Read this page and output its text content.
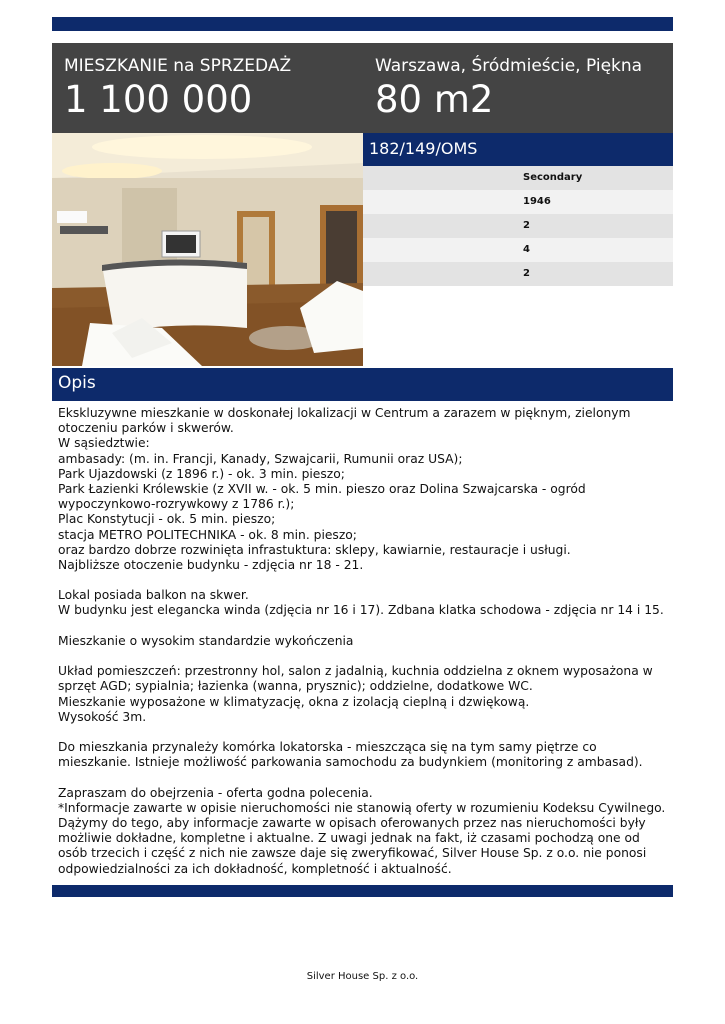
MIESZKANIE na SPRZEDAŻ
1 100 000
Warszawa, Śródmieście, Piękna
80 m2
182/149/OMS
Secondary
1946
2
4
2
Opis
Ekskluzywne mieszkanie w doskonałej lokalizacji w Centrum a zarazem w pięknym, zielonym
otoczeniu parków i skwerów.
W sąsiedztwie:
ambasady: (m. in. Francji, Kanady, Szwajcarii, Rumunii oraz USA);
Park Ujazdowski (z 1896 r.) - ok. 3 min. pieszo;
Park Łazienki Królewskie (z XVII w. - ok. 5 min. pieszo oraz Dolina Szwajcarska - ogród
wypoczynkowo-rozrywkowy z 1786 r.);
Plac Konstytucji - ok. 5 min. pieszo;
stacja METRO POLITECHNIKA - ok. 8 min. pieszo;
oraz bardzo dobrze rozwinięta infrastuktura: sklepy, kawiarnie, restauracje i usługi.
Najbliższe otoczenie budynku - zdjęcia nr 18 - 21.
Lokal posiada balkon na skwer.
W budynku jest elegancka winda (zdjęcia nr 16 i 17). Zdbana klatka schodowa - zdjęcia nr 14 i 15.
Mieszkanie o wysokim standardzie wykończenia
Układ pomieszczeń: przestronny hol, salon z jadalnią, kuchnia oddzielna z oknem wyposażona w
sprzęt AGD; sypialnia; łazienka (wanna, prysznic); oddzielne, dodatkowe WC.
Mieszkanie wyposażone w klimatyzację, okna z izolacją cieplną i dzwiękową.
Wysokość 3m.
Do mieszkania przynależy komórka lokatorska - mieszcząca się na tym samy piętrze co
mieszkanie. Istnieje możliwość parkowania samochodu za budynkiem (monitoring z ambasad).
Zapraszam do obejrzenia - oferta godna polecenia.
*Informacje zawarte w opisie nieruchomości nie stanowią oferty w rozumieniu Kodeksu Cywilnego.
Dążymy do tego, aby informacje zawarte w opisach oferowanych przez nas nieruchomości były
możliwie dokładne, kompletne i aktualne. Z uwagi jednak na fakt, iż czasami pochodzą one od
osób trzecich i część z nich nie zawsze daje się zweryfikować, Silver House Sp. z o.o. nie ponosi
odpowiedzialności za ich dokładność, kompletność i aktualność.
Silver House Sp. z o.o.
